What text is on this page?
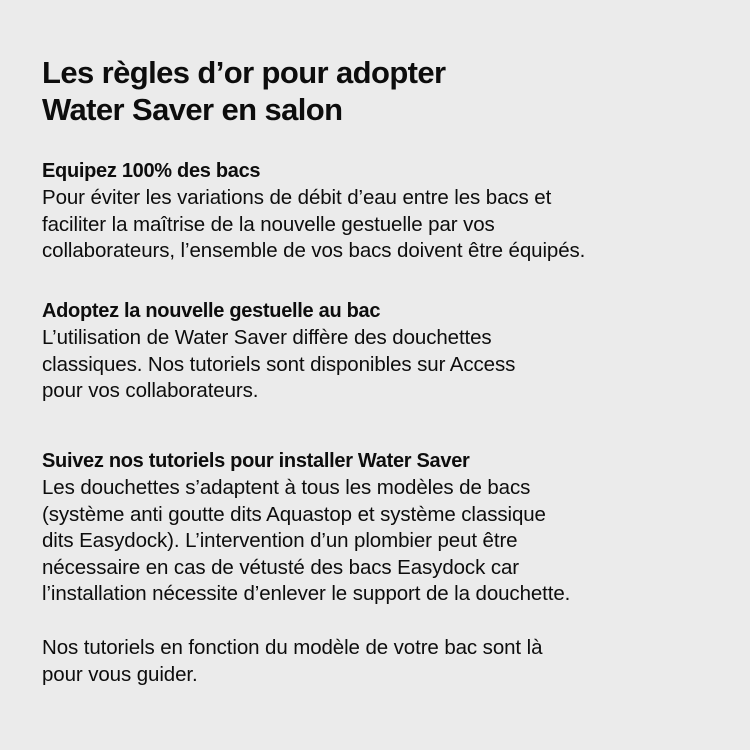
Les règles d’or pour adopter
Water Saver en salon
Equipez 100% des bacs
Pour éviter les variations de débit d’eau entre les bacs et
faciliter la maîtrise de la nouvelle gestuelle par vos
collaborateurs, l’ensemble de vos bacs doivent être équipés.
Adoptez la nouvelle gestuelle au bac
L’utilisation de Water Saver diffère des douchettes
classiques. Nos tutoriels sont disponibles sur Access
pour vos collaborateurs.
Suivez nos tutoriels pour installer Water Saver
Les douchettes s’adaptent à tous les modèles de bacs
(système anti goutte dits Aquastop et système classique
dits Easydock). L’intervention d’un plombier peut être
nécessaire en cas de vétusté des bacs Easydock car
l’installation nécessite d’enlever le support de la douchette.
Nos tutoriels en fonction du modèle de votre bac sont là
pour vous guider.
